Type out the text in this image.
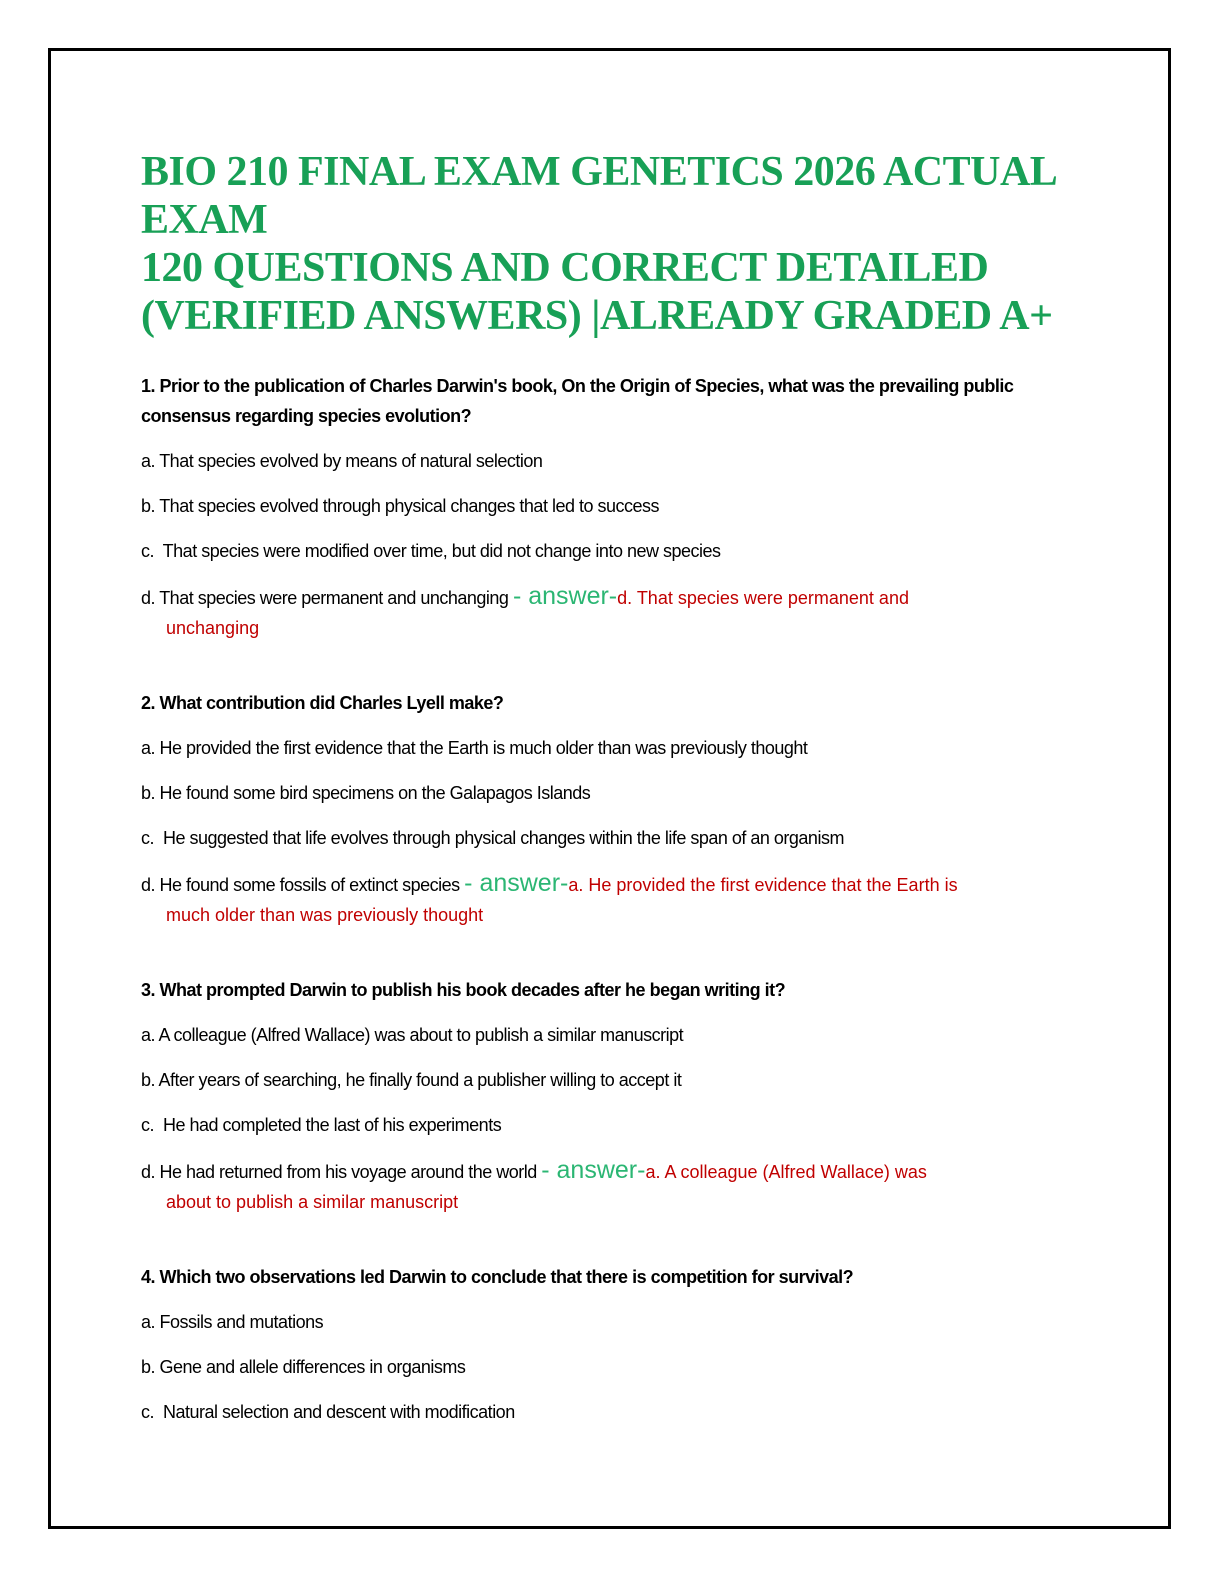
BIO 210 FINAL EXAM GENETICS 2026 ACTUAL EXAM
120 QUESTIONS AND CORRECT DETAILED
(VERIFIED ANSWERS) |ALREADY GRADED A+

1. Prior to the publication of Charles Darwin's book, On the Origin of Species, what was the prevailing public consensus regarding species evolution?

a. That species evolved by means of natural selection

b. That species evolved through physical changes that led to success

c.  That species were modified over time, but did not change into new species

d. That species were permanent and unchanging - answer-d. That species were permanent and
unchanging

2. What contribution did Charles Lyell make?

a. He provided the first evidence that the Earth is much older than was previously thought

b. He found some bird specimens on the Galapagos Islands

c.  He suggested that life evolves through physical changes within the life span of an organism

d. He found some fossils of extinct species - answer-a. He provided the first evidence that the Earth is
much older than was previously thought

3. What prompted Darwin to publish his book decades after he began writing it?

a. A colleague (Alfred Wallace) was about to publish a similar manuscript

b. After years of searching, he finally found a publisher willing to accept it

c.  He had completed the last of his experiments

d. He had returned from his voyage around the world - answer-a. A colleague (Alfred Wallace) was
about to publish a similar manuscript

4. Which two observations led Darwin to conclude that there is competition for survival?

a. Fossils and mutations

b. Gene and allele differences in organisms

c.  Natural selection and descent with modification
